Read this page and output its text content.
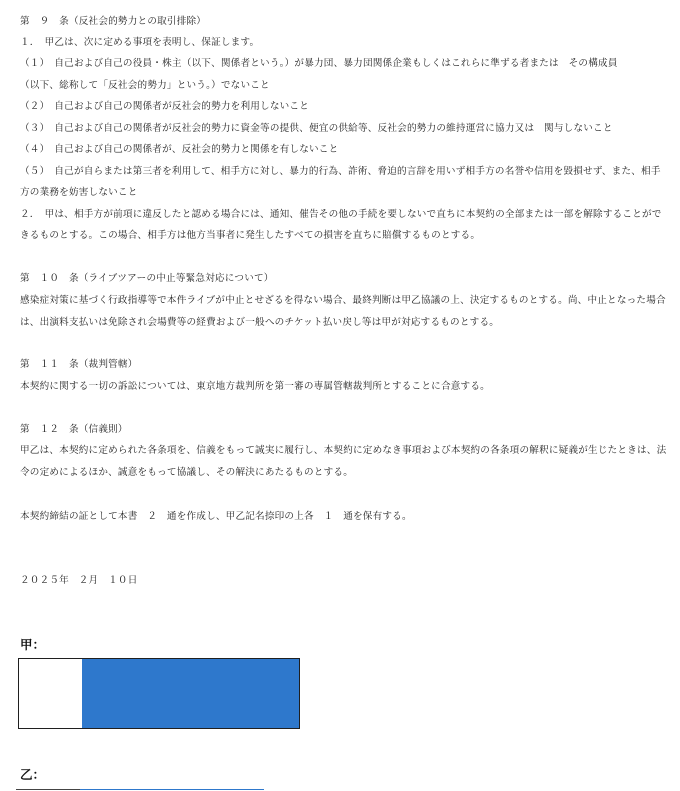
第　９　条（反社会的勢力との取引排除）
１．　甲乙は、次に定める事項を表明し、保証します。
（１）　自己および自己の役員・株主（以下、関係者という。）が暴力団、暴力団関係企業もしくはこれらに準ずる者または　その構成員
（以下、総称して「反社会的勢力」という。）でないこと
（２）　自己および自己の関係者が反社会的勢力を利用しないこと
（３）　自己および自己の関係者が反社会的勢力に資金等の提供、便宜の供給等、反社会的勢力の維持運営に協力又は　関与しないこと
（４）　自己および自己の関係者が、反社会的勢力と関係を有しないこと
（５）　自己が自らまたは第三者を利用して、相手方に対し、暴力的行為、詐術、脅迫的言辞を用いず相手方の名誉や信用を毀損せず、また、相手
方の業務を妨害しないこと
２．　甲は、相手方が前項に違反したと認める場合には、通知、催告その他の手続を要しないで直ちに本契約の全部または一部を解除することがで
きるものとする。この場合、相手方は他方当事者に発生したすべての損害を直ちに賠償するものとする。
第　１０　条（ライブツアーの中止等緊急対応について）
感染症対策に基づく行政指導等で本件ライブが中止とせざるを得ない場合、最終判断は甲乙協議の上、決定するものとする。尚、中止となった場合
は、出演料支払いは免除され会場費等の経費および一般へのチケット払い戻し等は甲が対応するものとする。
第　１１　条（裁判管轄）
本契約に関する一切の訴訟については、東京地方裁判所を第一審の専属管轄裁判所とすることに合意する。
第　１２　条（信義則）
甲乙は、本契約に定められた各条項を、信義をもって誠実に履行し、本契約に定めなき事項および本契約の各条項の解釈に疑義が生じたときは、法
令の定めによるほか、誠意をもって協議し、その解決にあたるものとする。
本契約締結の証として本書　２　通を作成し、甲乙記名捺印の上各　１　通を保有する。
２０２５年　２月　１０日
甲：
乙：
